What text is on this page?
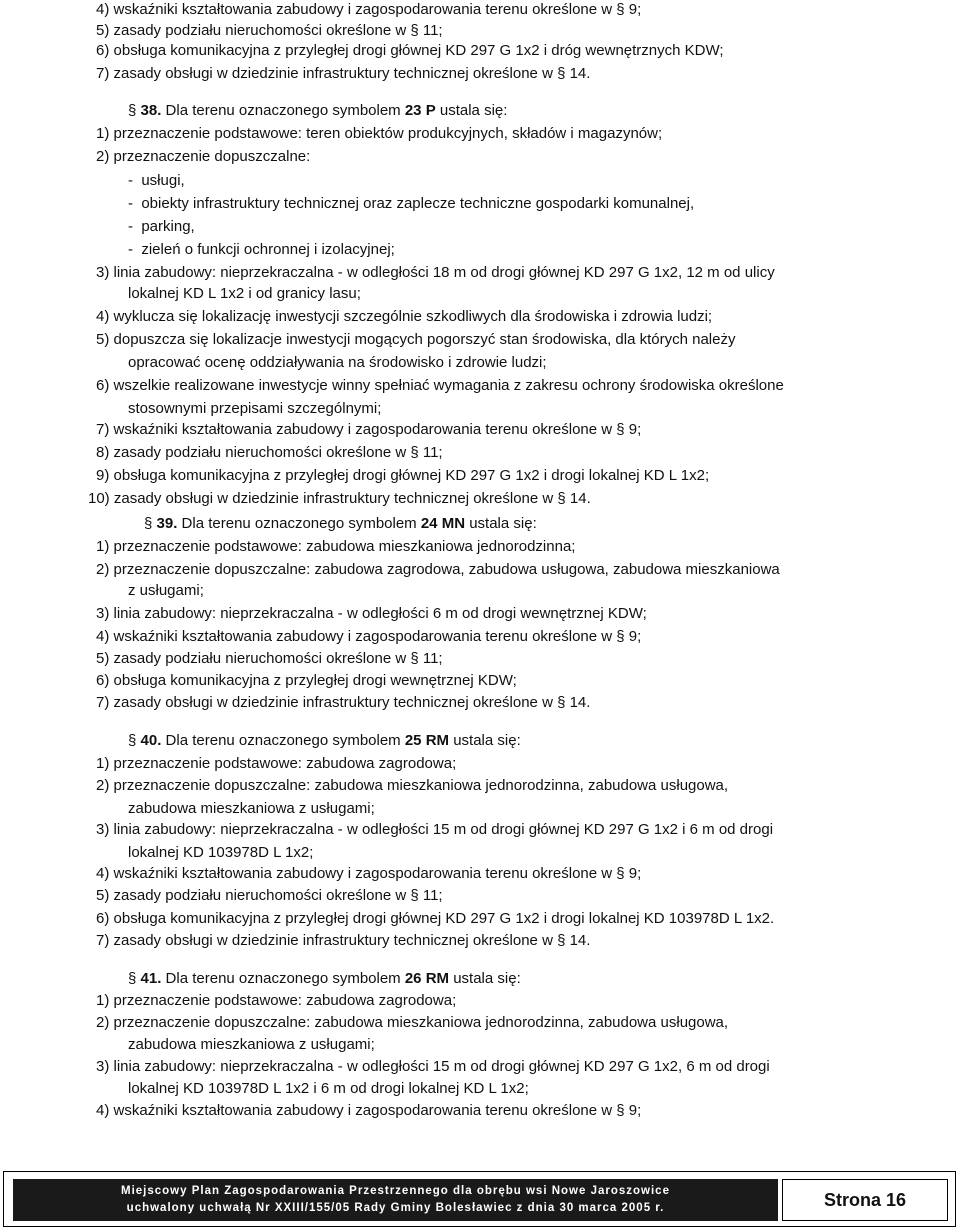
4) wskaźniki kształtowania zabudowy i zagospodarowania terenu określone w § 9;
5) zasady podziału nieruchomości określone w § 11;
6) obsługa komunikacyjna z przyległej drogi głównej KD 297 G 1x2 i dróg wewnętrznych KDW;
7) zasady obsługi w dziedzinie infrastruktury technicznej określone w § 14.
§ 38. Dla terenu oznaczonego symbolem 23 P ustala się:
1) przeznaczenie podstawowe: teren obiektów produkcyjnych, składów i magazynów;
2) przeznaczenie dopuszczalne:
-  usługi,
-  obiekty infrastruktury technicznej oraz zaplecze techniczne gospodarki komunalnej,
-  parking,
-  zieleń o funkcji ochronnej i izolacyjnej;
3) linia zabudowy: nieprzekraczalna - w odległości 18 m od drogi głównej KD 297 G 1x2, 12 m od ulicy
lokalnej KD L 1x2 i od granicy lasu;
4) wyklucza się lokalizację inwestycji szczególnie szkodliwych dla środowiska i zdrowia ludzi;
5) dopuszcza się lokalizacje inwestycji mogących pogorszyć stan środowiska, dla których należy
opracować ocenę oddziaływania na środowisko i zdrowie ludzi;
6) wszelkie realizowane inwestycje winny spełniać wymagania z zakresu ochrony środowiska określone
stosownymi przepisami szczególnymi;
7) wskaźniki kształtowania zabudowy i zagospodarowania terenu określone w § 9;
8) zasady podziału nieruchomości określone w § 11;
9) obsługa komunikacyjna z przyległej drogi głównej KD 297 G 1x2 i drogi lokalnej KD L 1x2;
10) zasady obsługi w dziedzinie infrastruktury technicznej określone w § 14.
§ 39. Dla terenu oznaczonego symbolem 24 MN ustala się:
1) przeznaczenie podstawowe: zabudowa mieszkaniowa jednorodzinna;
2) przeznaczenie dopuszczalne: zabudowa zagrodowa, zabudowa usługowa, zabudowa mieszkaniowa
z usługami;
3) linia zabudowy: nieprzekraczalna - w odległości 6 m od drogi wewnętrznej KDW;
4) wskaźniki kształtowania zabudowy i zagospodarowania terenu określone w § 9;
5) zasady podziału nieruchomości określone w § 11;
6) obsługa komunikacyjna z przyległej drogi wewnętrznej KDW;
7) zasady obsługi w dziedzinie infrastruktury technicznej określone w § 14.
§ 40. Dla terenu oznaczonego symbolem 25 RM ustala się:
1) przeznaczenie podstawowe: zabudowa zagrodowa;
2) przeznaczenie dopuszczalne: zabudowa mieszkaniowa jednorodzinna, zabudowa usługowa,
zabudowa mieszkaniowa z usługami;
3) linia zabudowy: nieprzekraczalna - w odległości 15 m od drogi głównej KD 297 G 1x2 i 6 m od drogi
lokalnej KD 103978D L 1x2;
4) wskaźniki kształtowania zabudowy i zagospodarowania terenu określone w § 9;
5) zasady podziału nieruchomości określone w § 11;
6) obsługa komunikacyjna z przyległej drogi głównej KD 297 G 1x2 i drogi lokalnej KD 103978D L 1x2.
7) zasady obsługi w dziedzinie infrastruktury technicznej określone w § 14.
§ 41. Dla terenu oznaczonego symbolem 26 RM ustala się:
1) przeznaczenie podstawowe: zabudowa zagrodowa;
2) przeznaczenie dopuszczalne: zabudowa mieszkaniowa jednorodzinna, zabudowa usługowa,
zabudowa mieszkaniowa z usługami;
3) linia zabudowy: nieprzekraczalna - w odległości 15 m od drogi głównej KD 297 G 1x2, 6 m od drogi
lokalnej KD 103978D L 1x2 i 6 m od drogi lokalnej KD L 1x2;
4) wskaźniki kształtowania zabudowy i zagospodarowania terenu określone w § 9;
Miejscowy Plan Zagospodarowania Przestrzennego dla obrębu wsi Nowe Jaroszowice
uchwalony uchwałą Nr XXIII/155/05 Rady Gminy Bolesławiec z dnia 30 marca 2005 r.	Strona 16
